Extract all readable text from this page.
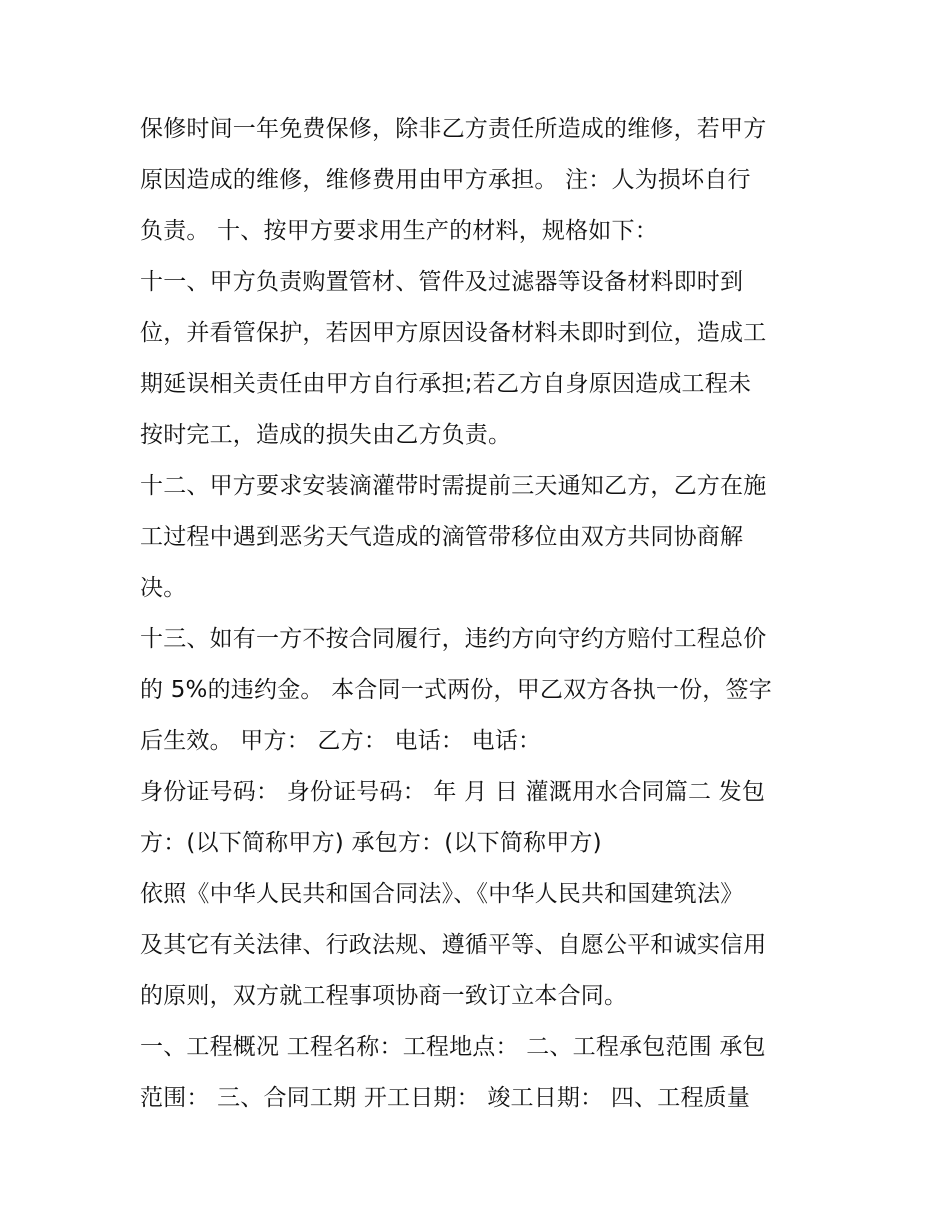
保修时间一年免费保修，除非乙方责任所造成的维修，若甲方
原因造成的维修，维修费用由甲方承担。 注：人为损坏自行
负责。 十、按甲方要求用生产的材料，规格如下：
十一、甲方负责购置管材、管件及过滤器等设备材料即时到
位，并看管保护，若因甲方原因设备材料未即时到位，造成工
期延误相关责任由甲方自行承担;若乙方自身原因造成工程未
按时完工，造成的损失由乙方负责。
十二、甲方要求安装滴灌带时需提前三天通知乙方，乙方在施
工过程中遇到恶劣天气造成的滴管带移位由双方共同协商解
决。
十三、如有一方不按合同履行，违约方向守约方赔付工程总价
的 5%的违约金。 本合同一式两份，甲乙双方各执一份，签字
后生效。 甲方： 乙方： 电话： 电话：
身份证号码： 身份证号码： 年 月 日 灌溉用水合同篇二 发包
方：(以下简称甲方) 承包方：(以下简称甲方)
依照《中华人民共和国合同法》、《中华人民共和国建筑法》
及其它有关法律、行政法规、遵循平等、自愿公平和诚实信用
的原则，双方就工程事项协商一致订立本合同。
一、工程概况 工程名称：工程地点： 二、工程承包范围 承包
范围： 三、合同工期 开工日期： 竣工日期： 四、工程质量
